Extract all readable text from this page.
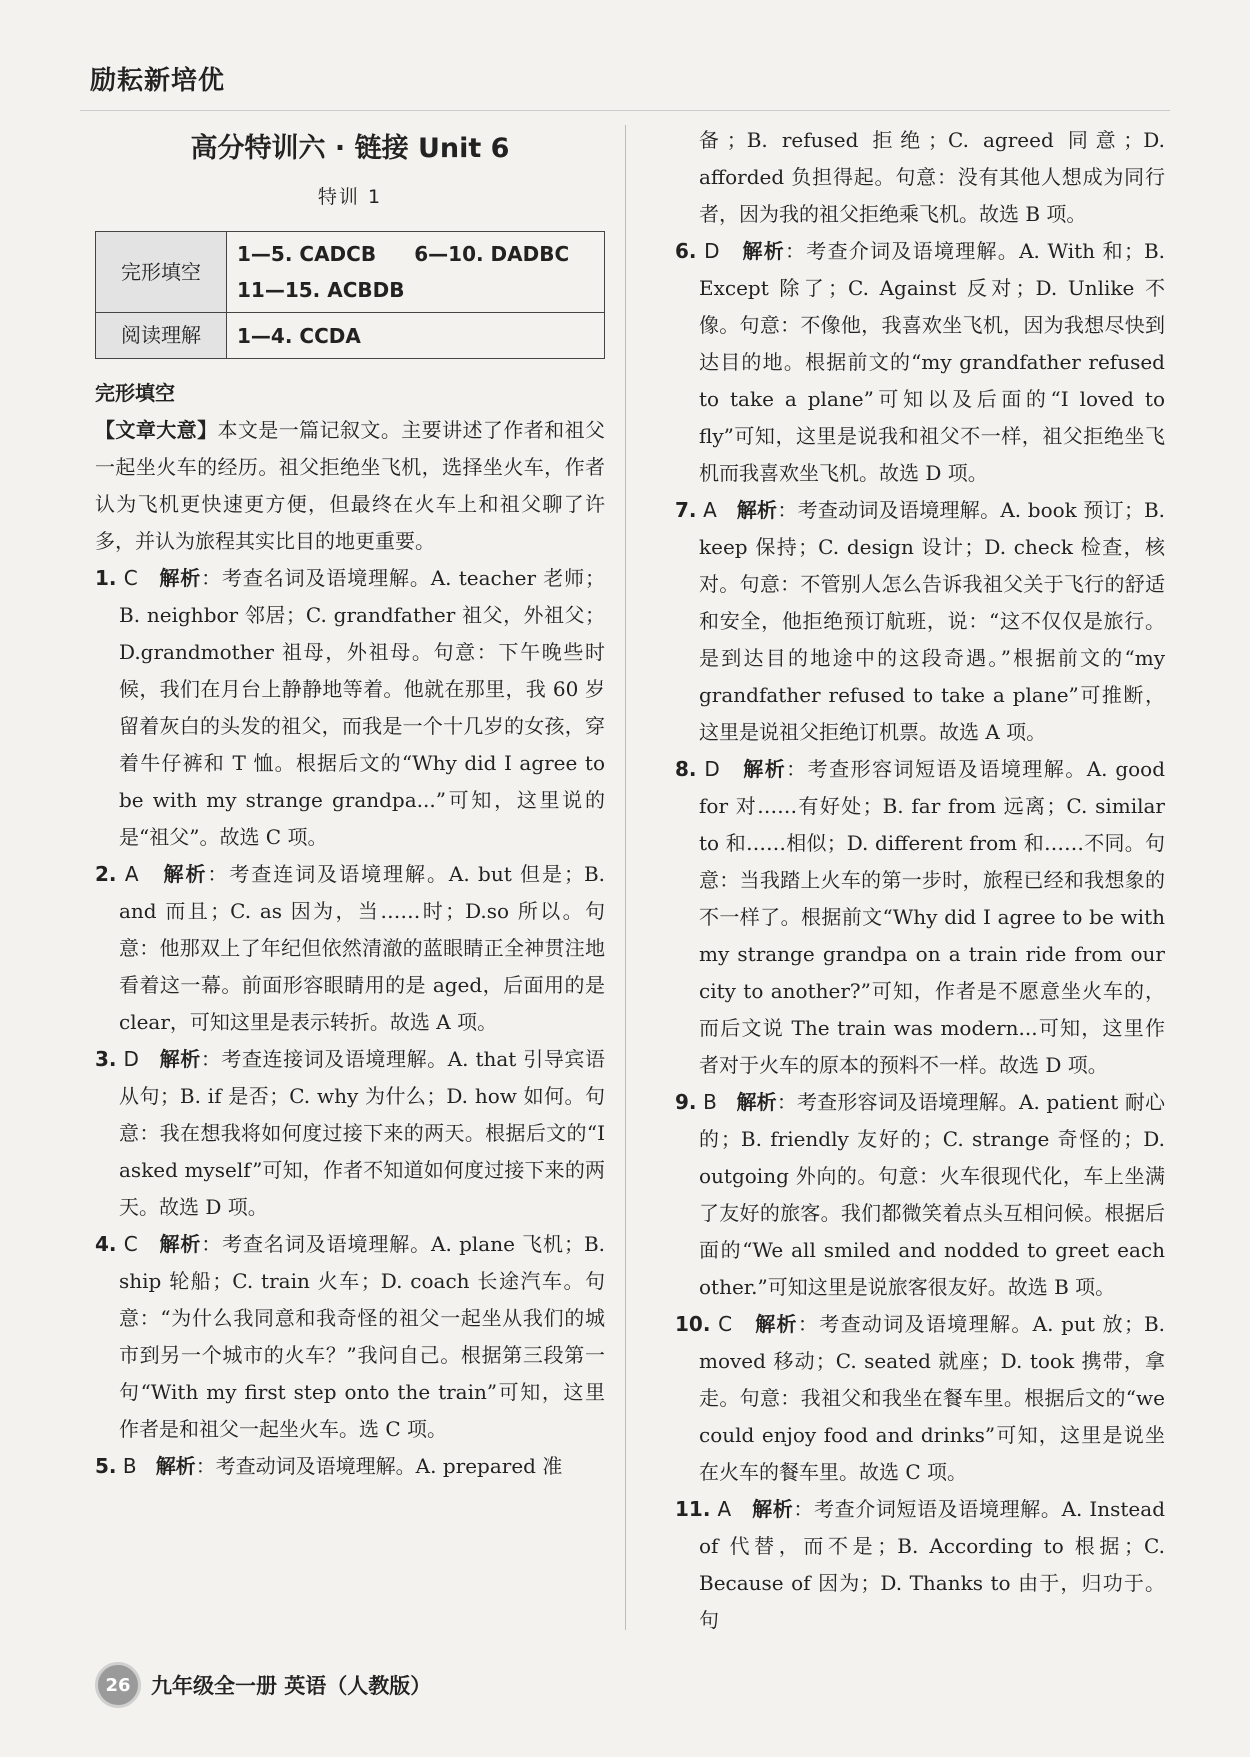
励耘新培优
高分特训六 · 链接 Unit 6
特训 1
完形填空	1—5. CADCB 6—10. DADBC
11—15. ACBDB
阅读理解	1—4. CCDA
完形填空
【文章大意】本文是一篇记叙文。主要讲述了作者和祖父一起坐火车的经历。祖父拒绝坐飞机，选择坐火车，作者认为飞机更快速更方便，但最终在火车上和祖父聊了许多，并认为旅程其实比目的地更重要。
1. C 解析：考查名词及语境理解。A. teacher 老师；B. neighbor 邻居；C. grandfather 祖父，外祖父；D.grandmother 祖母，外祖母。句意：下午晚些时候，我们在月台上静静地等着。他就在那里，我 60 岁留着灰白的头发的祖父，而我是一个十几岁的女孩，穿着牛仔裤和 T 恤。根据后文的“Why did I agree to be with my strange grandpa...”可知，这里说的是“祖父”。故选 C 项。
2. A 解析：考查连词及语境理解。A. but 但是；B. and 而且；C. as 因为，当……时；D.so 所以。句意：他那双上了年纪但依然清澈的蓝眼睛正全神贯注地看着这一幕。前面形容眼睛用的是 aged，后面用的是 clear，可知这里是表示转折。故选 A 项。
3. D 解析：考查连接词及语境理解。A. that 引导宾语从句；B. if 是否；C. why 为什么；D. how 如何。句意：我在想我将如何度过接下来的两天。根据后文的“I asked myself”可知，作者不知道如何度过接下来的两天。故选 D 项。
4. C 解析：考查名词及语境理解。A. plane 飞机；B. ship 轮船；C. train 火车；D. coach 长途汽车。句意：“为什么我同意和我奇怪的祖父一起坐从我们的城市到另一个城市的火车？”我问自己。根据第三段第一句“With my first step onto the train”可知，这里作者是和祖父一起坐火车。选 C 项。
5. B 解析：考查动词及语境理解。A. prepared 准
备；B. refused 拒绝；C. agreed 同意；D. afforded 负担得起。句意：没有其他人想成为同行者，因为我的祖父拒绝乘飞机。故选 B 项。
6. D 解析：考查介词及语境理解。A. With 和；B. Except 除了；C. Against 反对；D. Unlike 不像。句意：不像他，我喜欢坐飞机，因为我想尽快到达目的地。根据前文的“my grandfather refused to take a plane”可知以及后面的“I loved to fly”可知，这里是说我和祖父不一样，祖父拒绝坐飞机而我喜欢坐飞机。故选 D 项。
7. A 解析：考查动词及语境理解。A. book 预订；B. keep 保持；C. design 设计；D. check 检查，核对。句意：不管别人怎么告诉我祖父关于飞行的舒适和安全，他拒绝预订航班，说：“这不仅仅是旅行。是到达目的地途中的这段奇遇。”根据前文的“my grandfather refused to take a plane”可推断，这里是说祖父拒绝订机票。故选 A 项。
8. D 解析：考查形容词短语及语境理解。A. good for 对……有好处；B. far from 远离；C. similar to 和……相似；D. different from 和……不同。句意：当我踏上火车的第一步时，旅程已经和我想象的不一样了。根据前文“Why did I agree to be with my strange grandpa on a train ride from our city to another?”可知，作者是不愿意坐火车的，而后文说 The train was modern...可知，这里作者对于火车的原本的预料不一样。故选 D 项。
9. B 解析：考查形容词及语境理解。A. patient 耐心的；B. friendly 友好的；C. strange 奇怪的；D. outgoing 外向的。句意：火车很现代化，车上坐满了友好的旅客。我们都微笑着点头互相问候。根据后面的“We all smiled and nodded to greet each other.”可知这里是说旅客很友好。故选 B 项。
10. C 解析：考查动词及语境理解。A. put 放；B. moved 移动；C. seated 就座；D. took 携带，拿走。句意：我祖父和我坐在餐车里。根据后文的“we could enjoy food and drinks”可知，这里是说坐在火车的餐车里。故选 C 项。
11. A 解析：考查介词短语及语境理解。A. Instead of 代替，而不是；B. According to 根据；C. Because of 因为；D. Thanks to 由于，归功于。句
26 九年级全一册 英语（人教版）
